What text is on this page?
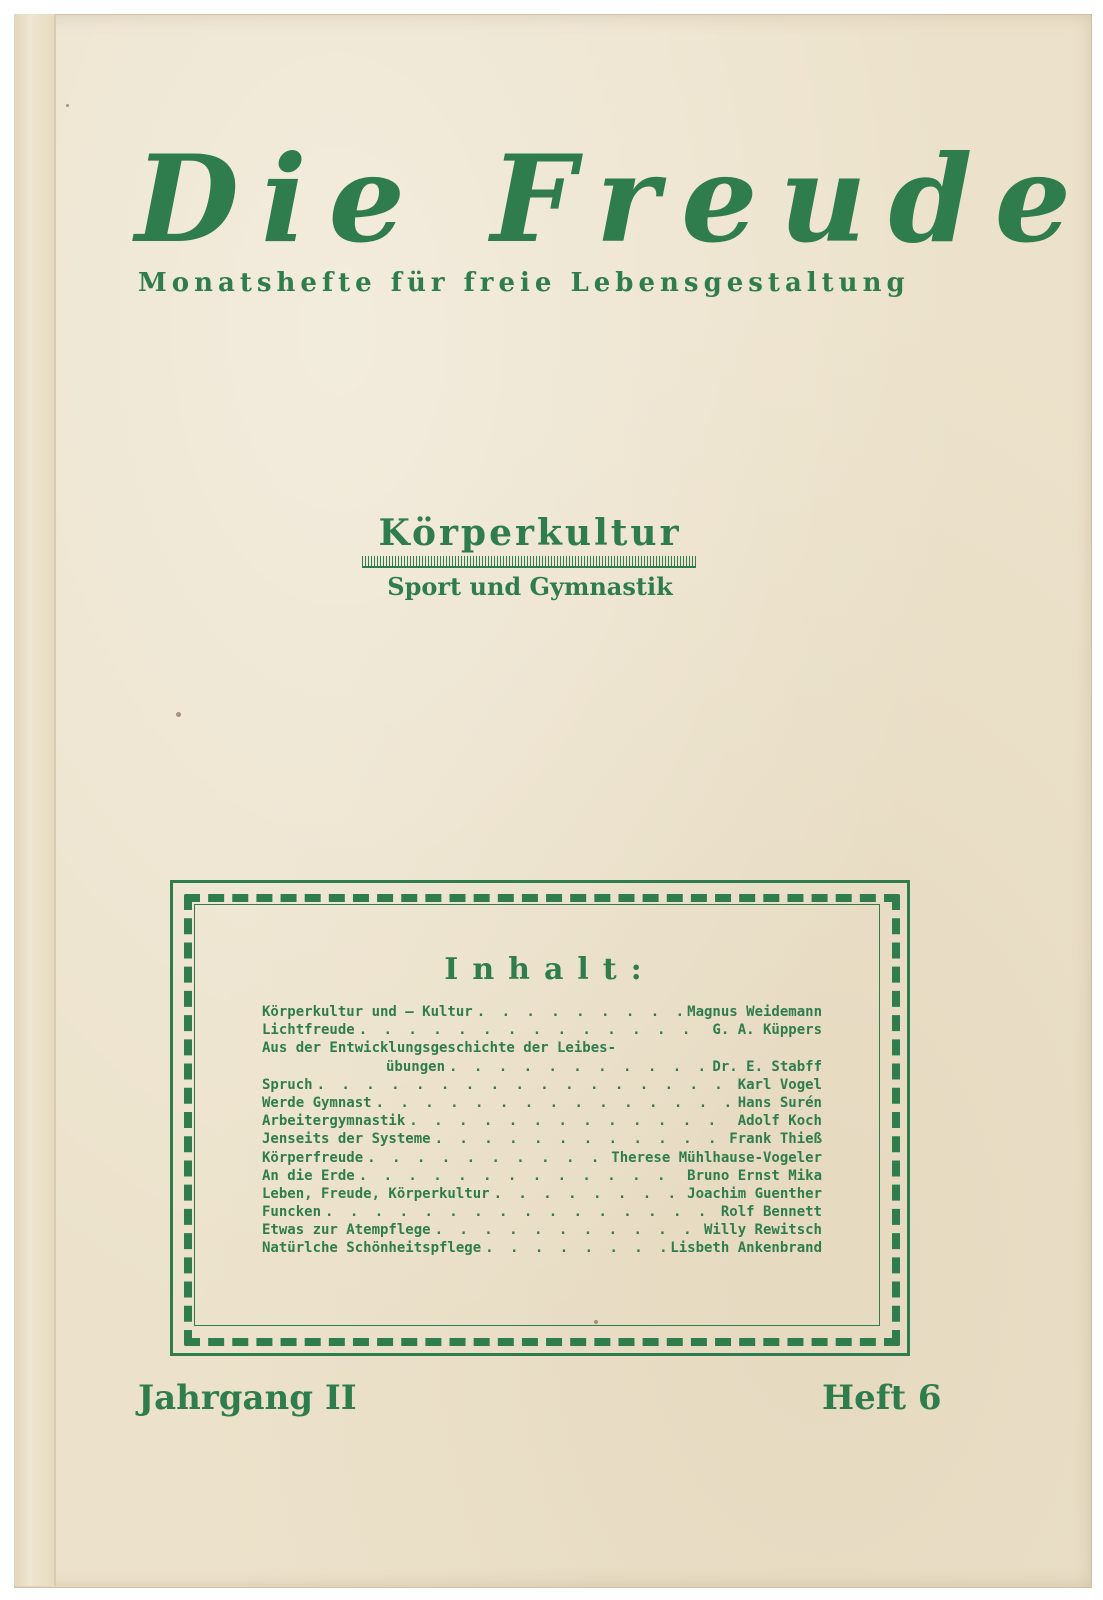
Die Freude
Monatshefte für freie Lebensgestaltung
Körperkultur
Sport und Gymnastik
Inhalt:
Körperkultur und — Kultur . . .	Magnus Weidemann
Lichtfreude . . .	G. A. Küppers
Aus der Entwicklungsgeschichte der Leibes-
übungen . . .	Dr. E. Stabff
Spruch . . .	Karl Vogel
Werde Gymnast . . .	Hans Surén
Arbeitergymnastik . . .	Adolf Koch
Jenseits der Systeme . . .	Frank Thieß
Körperfreude . . .	Therese Mühlhause-Vogeler
An die Erde . . .	Bruno Ernst Mika
Leben, Freude, Körperkultur . . .	Joachim Guenther
Funcken . . .	Rolf Bennett
Etwas zur Atempflege . . .	Willy Rewitsch
Natürlche Schönheitspflege . . .	Lisbeth Ankenbrand
Jahrgang II	Heft 6
